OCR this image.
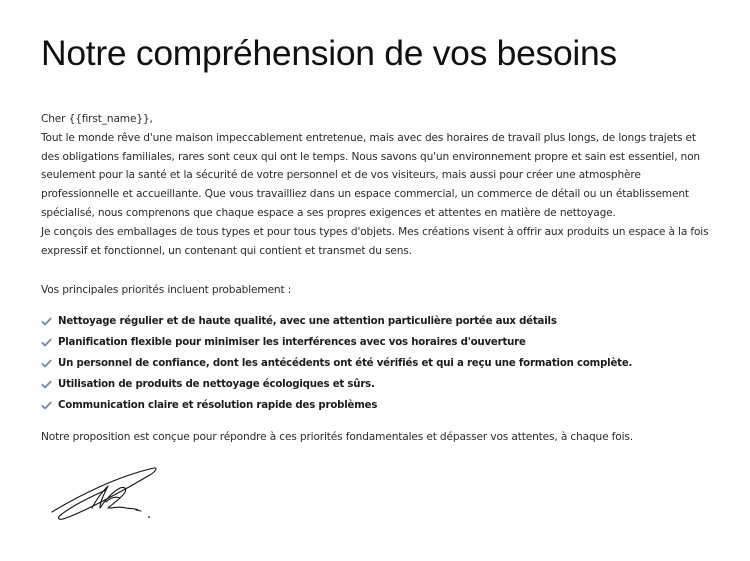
Notre compréhension de vos besoins

Cher {{first_name}},

Tout le monde rêve d'une maison impeccablement entretenue, mais avec des horaires de travail plus longs, de longs trajets et des obligations familiales, rares sont ceux qui ont le temps. Nous savons qu'un environnement propre et sain est essentiel, non seulement pour la santé et la sécurité de votre personnel et de vos visiteurs, mais aussi pour créer une atmosphère professionnelle et accueillante. Que vous travailliez dans un espace commercial, un commerce de détail ou un établissement spécialisé, nous comprenons que chaque espace a ses propres exigences et attentes en matière de nettoyage.

Je conçois des emballages de tous types et pour tous types d'objets. Mes créations visent à offrir aux produits un espace à la fois expressif et fonctionnel, un contenant qui contient et transmet du sens.

Vos principales priorités incluent probablement :
Nettoyage régulier et de haute qualité, avec une attention particulière portée aux détails
Planification flexible pour minimiser les interférences avec vos horaires d'ouverture
Un personnel de confiance, dont les antécédents ont été vérifiés et qui a reçu une formation complète.
Utilisation de produits de nettoyage écologiques et sûrs.
Communication claire et résolution rapide des problèmes
Notre proposition est conçue pour répondre à ces priorités fondamentales et dépasser vos attentes, à chaque fois.
